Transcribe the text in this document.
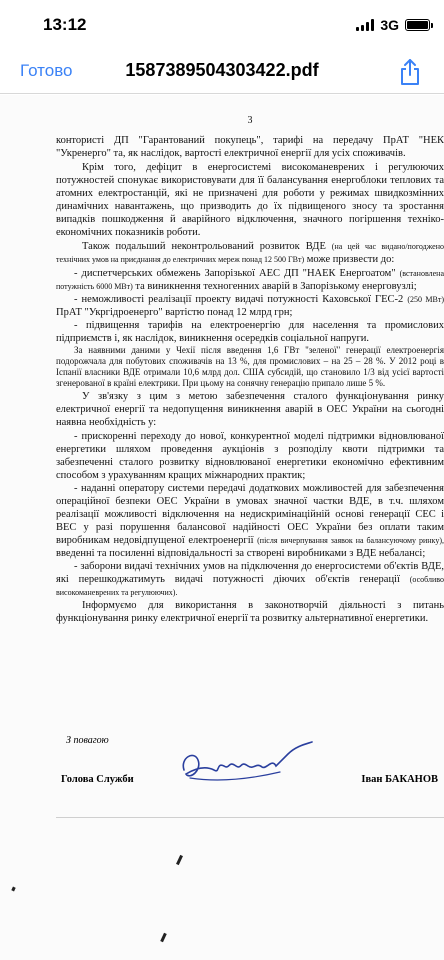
13:12	3G
Готово	1587389504303422.pdf
3

контористі ДП "Гарантований покупець", тарифі на передачу ПрАТ "НЕК "Укренерго" та, як наслідок, вартості електричної енергії для усіх споживачів.

Крім того, дефіцит в енергосистемі високоманеврених і регулюючих потужностей спонукає використовувати для її балансування енергоблоки теплових та атомних електростанцій, які не призначені для роботи у режимах швидкозмінних динамічних навантажень, що призводить до їх підвищеного зносу та зростання випадків пошкодження й аварійного відключення, значного погіршення техніко-економічних показників роботи.

Також подальший неконтрольований розвиток ВДЕ (на цей час видано/погоджено технічних умов на приєднання до електричних мереж понад 12 500 ГВт) може призвести до:

- диспетчерських обмежень Запорізької АЕС ДП "НАЕК Енергоатом" (встановлена потужність 6000 МВт) та виникнення техногенних аварій в Запорізькому енерговузлі;

- неможливості реалізації проекту видачі потужності Каховської ГЕС-2 (250 МВт) ПрАТ "Укргідроенерго" вартістю понад 12 млрд грн;

- підвищення тарифів на електроенергію для населення та промислових підприємств і, як наслідок, виникнення осередків соціальної напруги.

За наявними даними у Чехії після введення 1,6 ГВт "зеленої" генерації електроенергія подорожчала для побутових споживачів на 13 %, для промислових – на 25 – 28 %. У 2012 році в Іспанії власники ВДЕ отримали 10,6 млрд дол. США субсидій, що становило 1/3 від усієї вартості згенерованої в країні електрики. При цьому на сонячну генерацію припало лише 5 %.

У зв'язку з цим з метою забезпечення сталого функціонування ринку електричної енергії та недопущення виникнення аварій в ОЕС України на сьогодні наявна необхідність у:

- прискоренні переходу до нової, конкурентної моделі підтримки відновлюваної енергетики шляхом проведення аукціонів з розподілу квоти підтримки та забезпеченні сталого розвитку відновлюваної енергетики економічно ефективним способом з урахуванням кращих міжнародних практик;

- наданні оператору системи передачі додаткових можливостей для забезпечення операційної безпеки ОЕС України в умовах значної частки ВДЕ, в т.ч. шляхом реалізації можливості відключення на недискримінаційній основі генерації СЕС і ВЕС у разі порушення балансової надійності ОЕС України без оплати таким виробникам недовідпущеної електроенергії (після вичерпування заявок на балансуючому ринку), введенні та посиленні відповідальності за створені виробниками з ВДЕ небалансі;

- заборони видачі технічних умов на підключення до енергосистеми об'єктів ВДЕ, які перешкоджатимуть видачі потужності діючих об'єктів генерації (особливо високоманеврених та регулюючих).

Інформуємо для використання в законотворчій діяльності з питань функціонування ринку електричної енергії та розвитку альтернативної енергетики.

З повагою
Голова Служби	Іван БАКАНОВ
